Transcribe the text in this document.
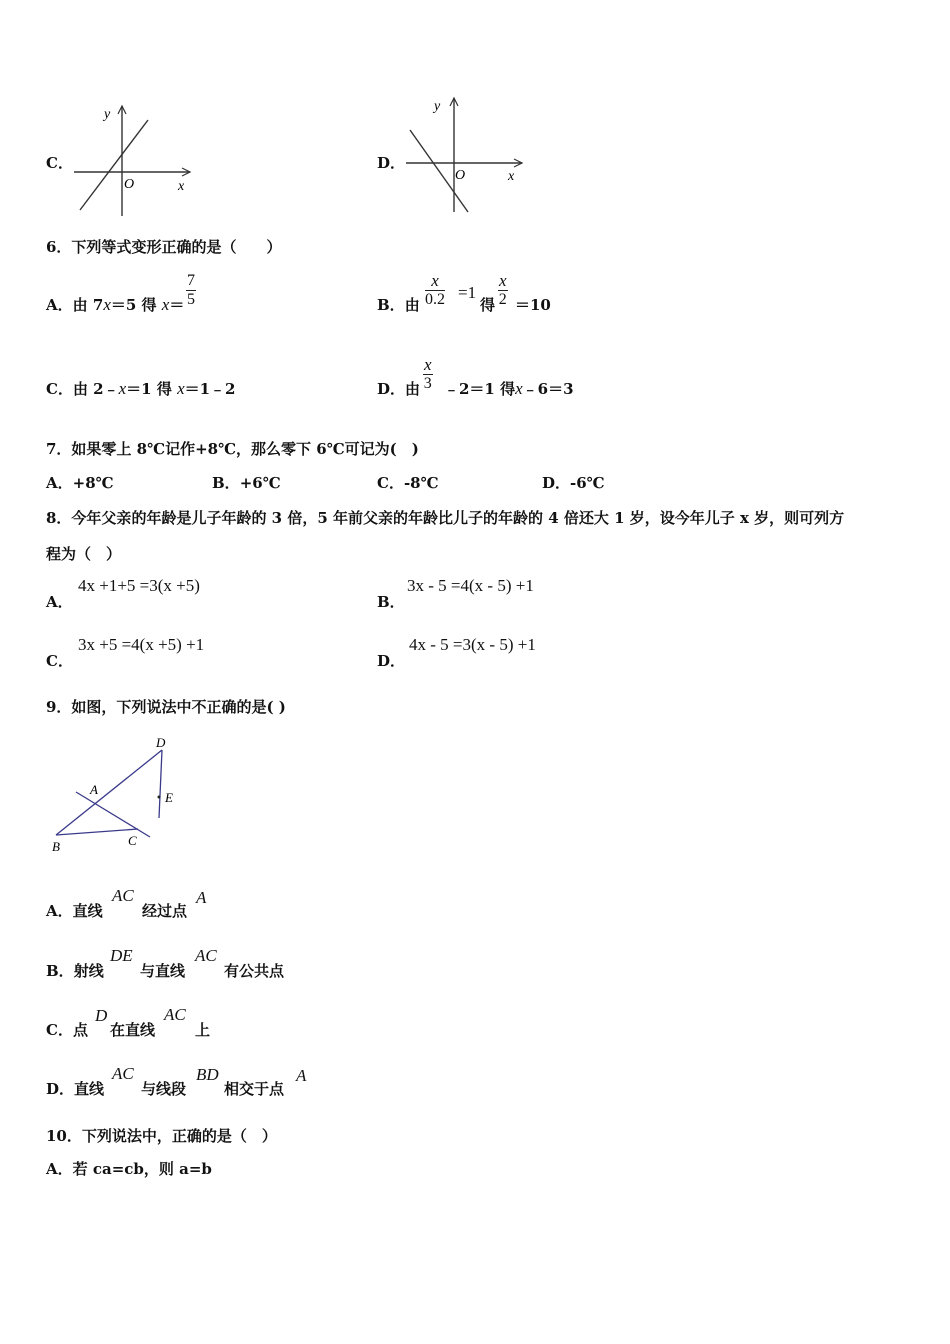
C．
y
x
O
D．
y
x
O
6．下列等式变形正确的是（　　）
A．由 7x＝5 得 $x= \frac{7}{5}$	B．由 $\frac{x}{0.2} =1$
得 $\frac{x}{2} =10$
C．由 2﹣x＝1 得 x＝1﹣2	D．由 $\frac{x}{3}$ ﹣2＝1 得x﹣6＝3
7．如果零上 8℃记作+8℃，那么零下 6℃可记为(　)
A．+8℃	B．+6℃	C．-8℃	D．-6℃
8．今年父亲的年龄是儿子年龄的 3 倍，5 年前父亲的年龄比儿子的年龄的 4 倍还大 1 岁，设今年儿子 x 岁，则可列方
程为（　）
A．
4x +1+5 =3(x +5)
B．
3x - 5 =4(x - 5) +1
C．
3x +5 =4(x +5) +1
D．
4x - 5 =3(x - 5) +1
9．如图，下列说法中不正确的是( )
D
A
E
B	C
A．直线
AC
经过点
A
B．射线
DE
与直线
AC
有公共点
C．点
D
在直线
AC
上
D．直线
AC
与线段
BD
相交于点
A
10．下列说法中，正确的是（　）
A．若 ca=cb，则 a=b
